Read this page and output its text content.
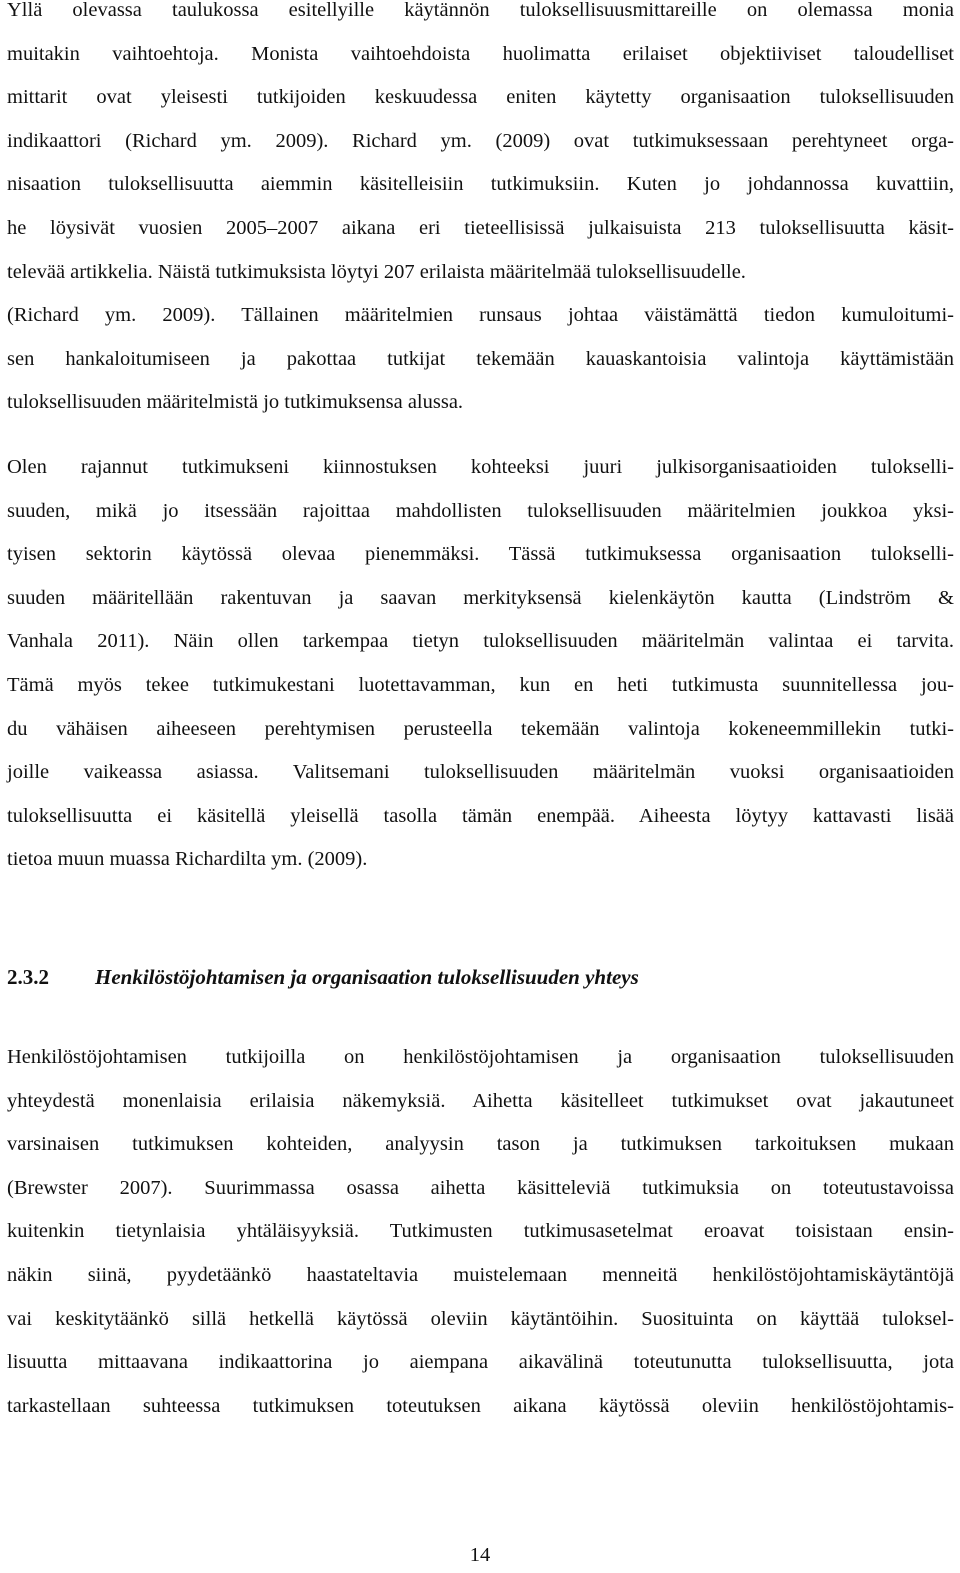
Yllä olevassa taulukossa esitellyille käytännön tuloksellisuusmittareille on olemassa monia
muitakin vaihtoehtoja. Monista vaihtoehdoista huolimatta erilaiset objektiiviset taloudelliset
mittarit ovat yleisesti tutkijoiden keskuudessa eniten käytetty organisaation tuloksellisuuden
indikaattori (Richard ym. 2009). Richard ym. (2009) ovat tutkimuksessaan perehtyneet orga-
nisaation tuloksellisuutta aiemmin käsitelleisiin tutkimuksiin. Kuten jo johdannossa kuvattiin,
he löysivät vuosien 2005–2007 aikana eri tieteellisissä julkaisuista 213 tuloksellisuutta käsit-
televää artikkelia. Näistä tutkimuksista löytyi 207 erilaista määritelmää tuloksellisuudelle.
(Richard ym. 2009). Tällainen määritelmien runsaus johtaa väistämättä tiedon kumuloitumi-
sen hankaloitumiseen ja pakottaa tutkijat tekemään kauaskantoisia valintoja käyttämistään
tuloksellisuuden määritelmistä jo tutkimuksensa alussa.
Olen rajannut tutkimukseni kiinnostuksen kohteeksi juuri julkisorganisaatioiden tulokselli-
suuden, mikä jo itsessään rajoittaa mahdollisten tuloksellisuuden määritelmien joukkoa yksi-
tyisen sektorin käytössä olevaa pienemmäksi. Tässä tutkimuksessa organisaation tulokselli-
suuden määritellään rakentuvan ja saavan merkityksensä kielenkäytön kautta (Lindström &
Vanhala 2011). Näin ollen tarkempaa tietyn tuloksellisuuden määritelmän valintaa ei tarvita.
Tämä myös tekee tutkimukestani luotettavamman, kun en heti tutkimusta suunnitellessa jou-
du vähäisen aiheeseen perehtymisen perusteella tekemään valintoja kokeneemmillekin tutki-
joille vaikeassa asiassa. Valitsemani tuloksellisuuden määritelmän vuoksi organisaatioiden
tuloksellisuutta ei käsitellä yleisellä tasolla tämän enempää. Aiheesta löytyy kattavasti lisää
tietoa muun muassa Richardilta ym. (2009).
2.3.2 Henkilöstöjohtamisen ja organisaation tuloksellisuuden yhteys
Henkilöstöjohtamisen tutkijoilla on henkilöstöjohtamisen ja organisaation tuloksellisuuden
yhteydestä monenlaisia erilaisia näkemyksiä. Aihetta käsitelleet tutkimukset ovat jakautuneet
varsinaisen tutkimuksen kohteiden, analyysin tason ja tutkimuksen tarkoituksen mukaan
(Brewster 2007). Suurimmassa osassa aihetta käsitteleviä tutkimuksia on toteutustavoissa
kuitenkin tietynlaisia yhtäläisyyksiä. Tutkimusten tutkimusasetelmat eroavat toisistaan ensin-
näkin siinä, pyydetäänkö haastateltavia muistelemaan menneitä henkilöstöjohtamiskäytäntöjä
vai keskitytäänkö sillä hetkellä käytössä oleviin käytäntöihin. Suosituinta on käyttää tuloksel-
lisuutta mittaavana indikaattorina jo aiempana aikavälinä toteutunutta tuloksellisuutta, jota
tarkastellaan suhteessa tutkimuksen toteutuksen aikana käytössä oleviin henkilöstöjohtamis-
14
